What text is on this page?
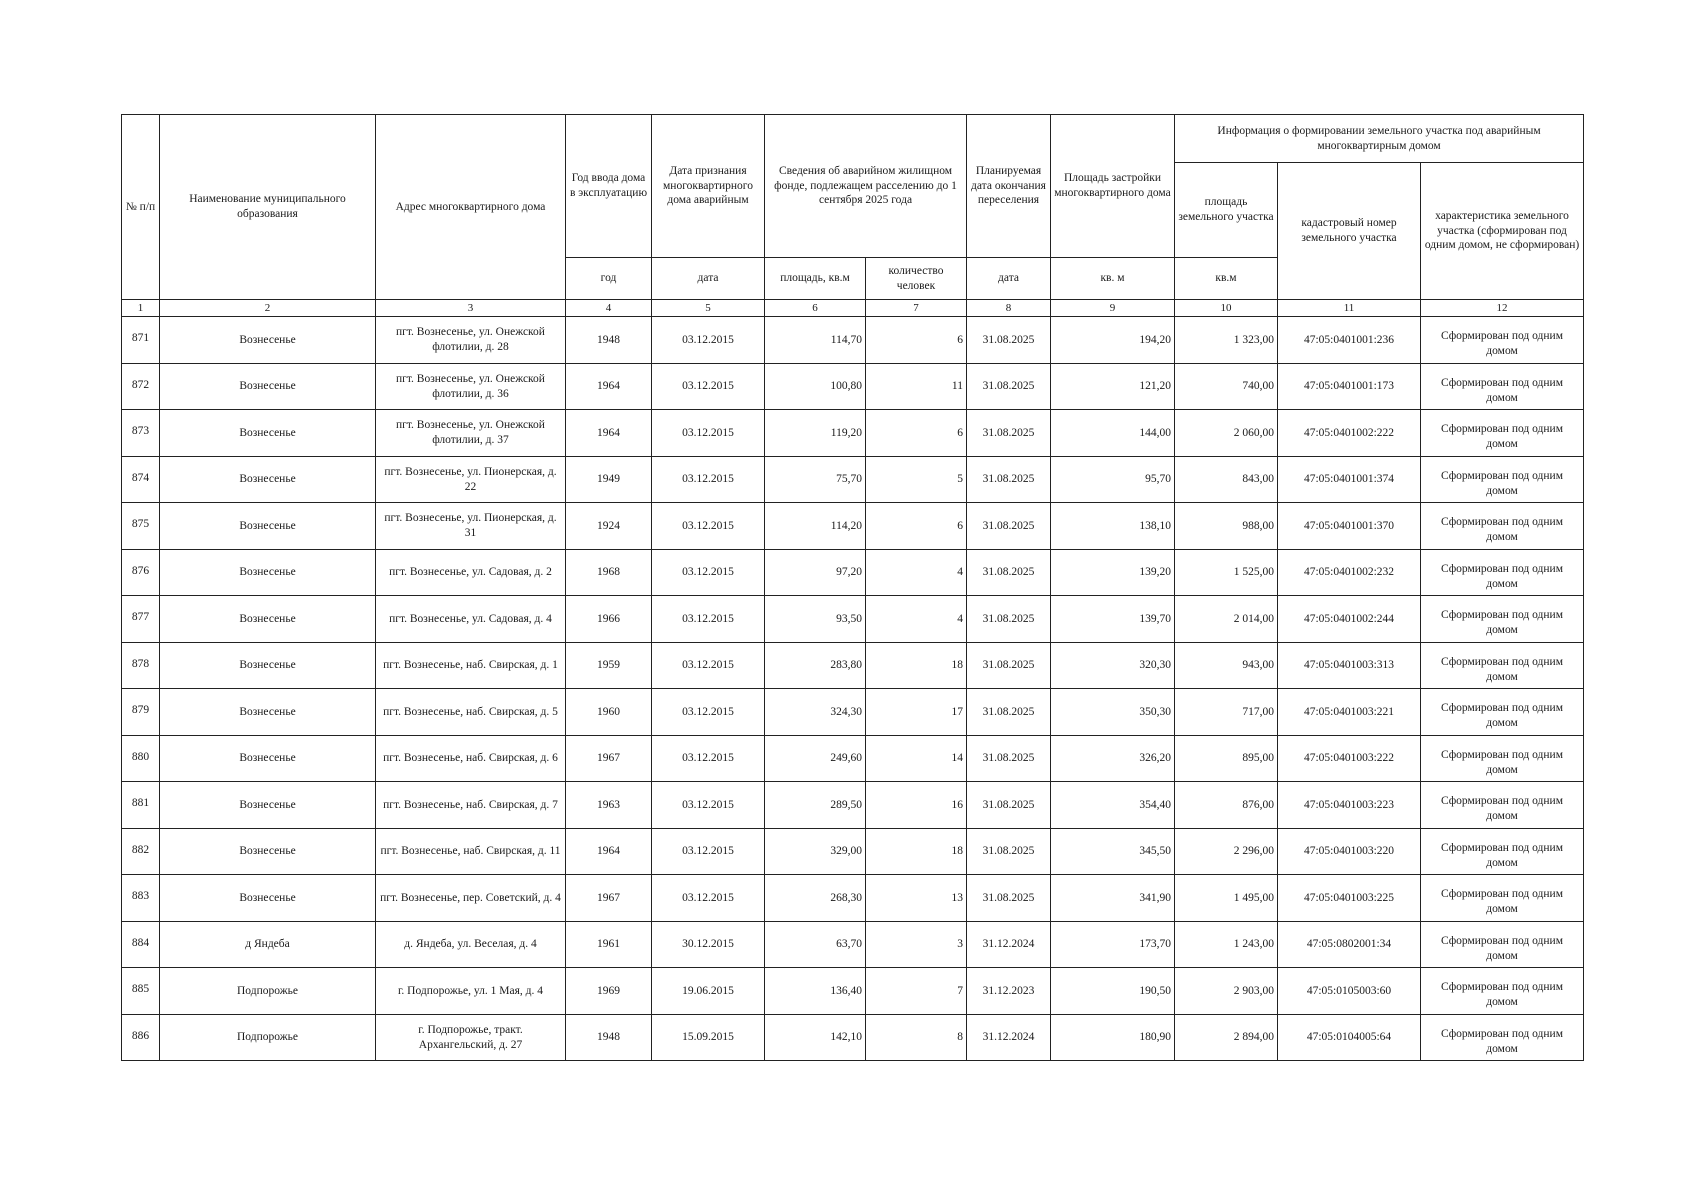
№ п/п	Наименование муниципального образования	Адрес многоквартирного дома	Год ввода дома в эксплуатацию	Дата признания многоквартирного дома аварийным	Сведения об аварийном жилищном фонде, подлежащем расселению до 1 сентября 2025 года		Планируемая дата окончания переселения	Площадь застройки многоквартирного дома	Информация о формировании земельного участка под аварийным многоквартирным домом		
									площадь земельного участка	кадастровый номер земельного участка	характеристика земельного участка (сформирован под одним домом, не сформирован)
			год	дата	площадь, кв.м	количество человек	дата	кв. м	кв.м		
1	2	3	4	5	6	7	8	9	10	11	12
871	Вознесенье	пгт. Вознесенье, ул. Онежской флотилии, д. 28	1948	03.12.2015	114,70	6	31.08.2025	194,20	1 323,00	47:05:0401001:236	Сформирован под одним домом
872	Вознесенье	пгт. Вознесенье, ул. Онежской флотилии, д. 36	1964	03.12.2015	100,80	11	31.08.2025	121,20	740,00	47:05:0401001:173	Сформирован под одним домом
873	Вознесенье	пгт. Вознесенье, ул. Онежской флотилии, д. 37	1964	03.12.2015	119,20	6	31.08.2025	144,00	2 060,00	47:05:0401002:222	Сформирован под одним домом
874	Вознесенье	пгт. Вознесенье, ул. Пионерская, д. 22	1949	03.12.2015	75,70	5	31.08.2025	95,70	843,00	47:05:0401001:374	Сформирован под одним домом
875	Вознесенье	пгт. Вознесенье, ул. Пионерская, д. 31	1924	03.12.2015	114,20	6	31.08.2025	138,10	988,00	47:05:0401001:370	Сформирован под одним домом
876	Вознесенье	пгт. Вознесенье, ул. Садовая, д. 2	1968	03.12.2015	97,20	4	31.08.2025	139,20	1 525,00	47:05:0401002:232	Сформирован под одним домом
877	Вознесенье	пгт. Вознесенье, ул. Садовая, д. 4	1966	03.12.2015	93,50	4	31.08.2025	139,70	2 014,00	47:05:0401002:244	Сформирован под одним домом
878	Вознесенье	пгт. Вознесенье, наб. Свирская, д. 1	1959	03.12.2015	283,80	18	31.08.2025	320,30	943,00	47:05:0401003:313	Сформирован под одним домом
879	Вознесенье	пгт. Вознесенье, наб. Свирская, д. 5	1960	03.12.2015	324,30	17	31.08.2025	350,30	717,00	47:05:0401003:221	Сформирован под одним домом
880	Вознесенье	пгт. Вознесенье, наб. Свирская, д. 6	1967	03.12.2015	249,60	14	31.08.2025	326,20	895,00	47:05:0401003:222	Сформирован под одним домом
881	Вознесенье	пгт. Вознесенье, наб. Свирская, д. 7	1963	03.12.2015	289,50	16	31.08.2025	354,40	876,00	47:05:0401003:223	Сформирован под одним домом
882	Вознесенье	пгт. Вознесенье, наб. Свирская, д. 11	1964	03.12.2015	329,00	18	31.08.2025	345,50	2 296,00	47:05:0401003:220	Сформирован под одним домом
883	Вознесенье	пгт. Вознесенье, пер. Советский, д. 4	1967	03.12.2015	268,30	13	31.08.2025	341,90	1 495,00	47:05:0401003:225	Сформирован под одним домом
884	д Яндеба	д. Яндеба, ул. Веселая, д. 4	1961	30.12.2015	63,70	3	31.12.2024	173,70	1 243,00	47:05:0802001:34	Сформирован под одним домом
885	Подпорожье	г. Подпорожье, ул. 1 Мая, д. 4	1969	19.06.2015	136,40	7	31.12.2023	190,50	2 903,00	47:05:0105003:60	Сформирован под одним домом
886	Подпорожье	г. Подпорожье, тракт. Архангельский, д. 27	1948	15.09.2015	142,10	8	31.12.2024	180,90	2 894,00	47:05:0104005:64	Сформирован под одним домом
